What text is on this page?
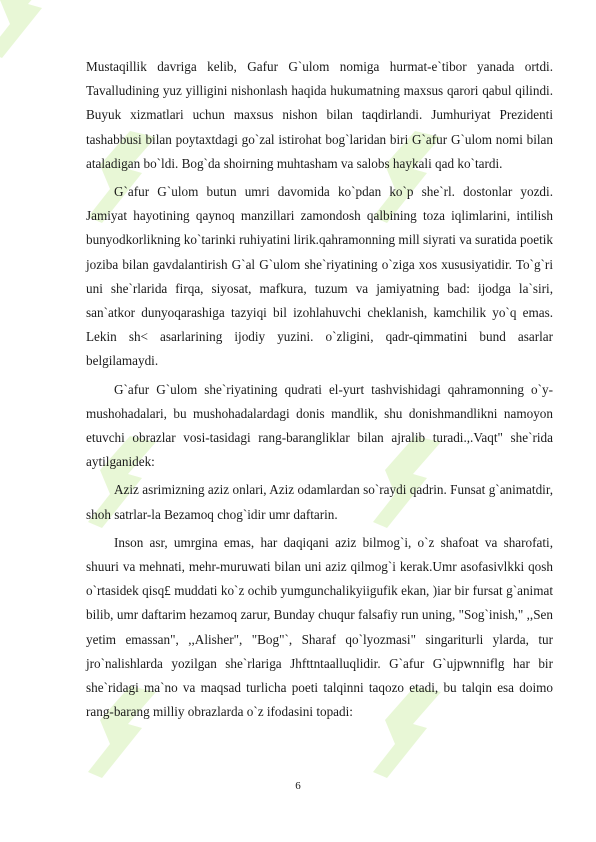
Mustaqillik davriga kelib, Gafur G`ulom nomiga hurmat-e`tibor yanada ortdi. Tavalludining yuz yilligini nishonlash haqida hukumatning maxsus qarori qabul qilindi. Buyuk xizmatlari uchun maxsus nishon bilan taqdirlandi. Jumhuriyat Prezidenti tashabbusi bilan poytaxtdagi go`zal istirohat bog`laridan biri G`afur G`ulom nomi bilan ataladigan bo`ldi. Bog`da shoirning muhtasham va salobs haykali qad ko`tardi.

G`afur G`ulom butun umri davomida ko`pdan ko`p she`rl. dostonlar yozdi. Jamiyat hayotining qaynoq manzillari zamondosh qalbining toza iqlimlarini, intilish bunyodkorlikning ko`tarinki ruhiyatini lirik.qahramonning mill siyrati va suratida poetik joziba bilan gavdalantirish G`al G`ulom she`riyatining o`ziga xos xususiyatidir. To`g`ri uni she`rlarida firqa, siyosat, mafkura, tuzum va jamiyatning bad: ijodga la`siri, san`atkor dunyoqarashiga tazyiqi bil izohlahuvchi cheklanish, kamchilik yo`q emas. Lekin sh< asarlarining ijodiy yuzini. o`zligini, qadr-qimmatini bund asarlar belgilamaydi.

G`afur G`ulom she`riyatining qudrati el-yurt tashvishidagi qahramonning o`y-mushohadalari, bu mushohadalardagi donis mandlik, shu donishmandlikni namoyon etuvchi obrazlar vosi-tasidagi rang-barangliklar bilan ajralib turadi.,.Vaqt" she`rida aytilganidek:

Aziz asrimizning aziz onlari, Aziz odamlardan so`raydi qadrin. Funsat g`animatdir, shoh satrlar-la Bezamoq chog`idir umr daftarin.

Inson asr, umrgina emas, har daqiqani aziz bilmog`i, o`z shafoat va sharofati, shuuri va mehnati, mehr-muruwati bilan uni aziz qilmog`i kerak.Umr asofasivlkki qosh o`rtasidek qisq£ muddati ko`z ochib yumgunchalikyiigufik ekan, )iar bir fursat g`animat bilib, umr daftarim hezamoq zarur, Bunday chuqur falsafiy run uning, "Sog`inish," ,,Sen yetim emassan", ,,Alisher", "Bog"`, Sharaf qo`lyozmasi" singariturli ylarda, tur jro`nalishlarda yozilgan she`rlariga Jhfttntaalluqlidir. G`afur G`ujpwnniflg har bir she`ridagi ma`no va maqsad turlicha poeti talqinni taqozo etadi, bu talqin esa doimo rang-barang milliy obrazlarda o`z ifodasini topadi:

6
